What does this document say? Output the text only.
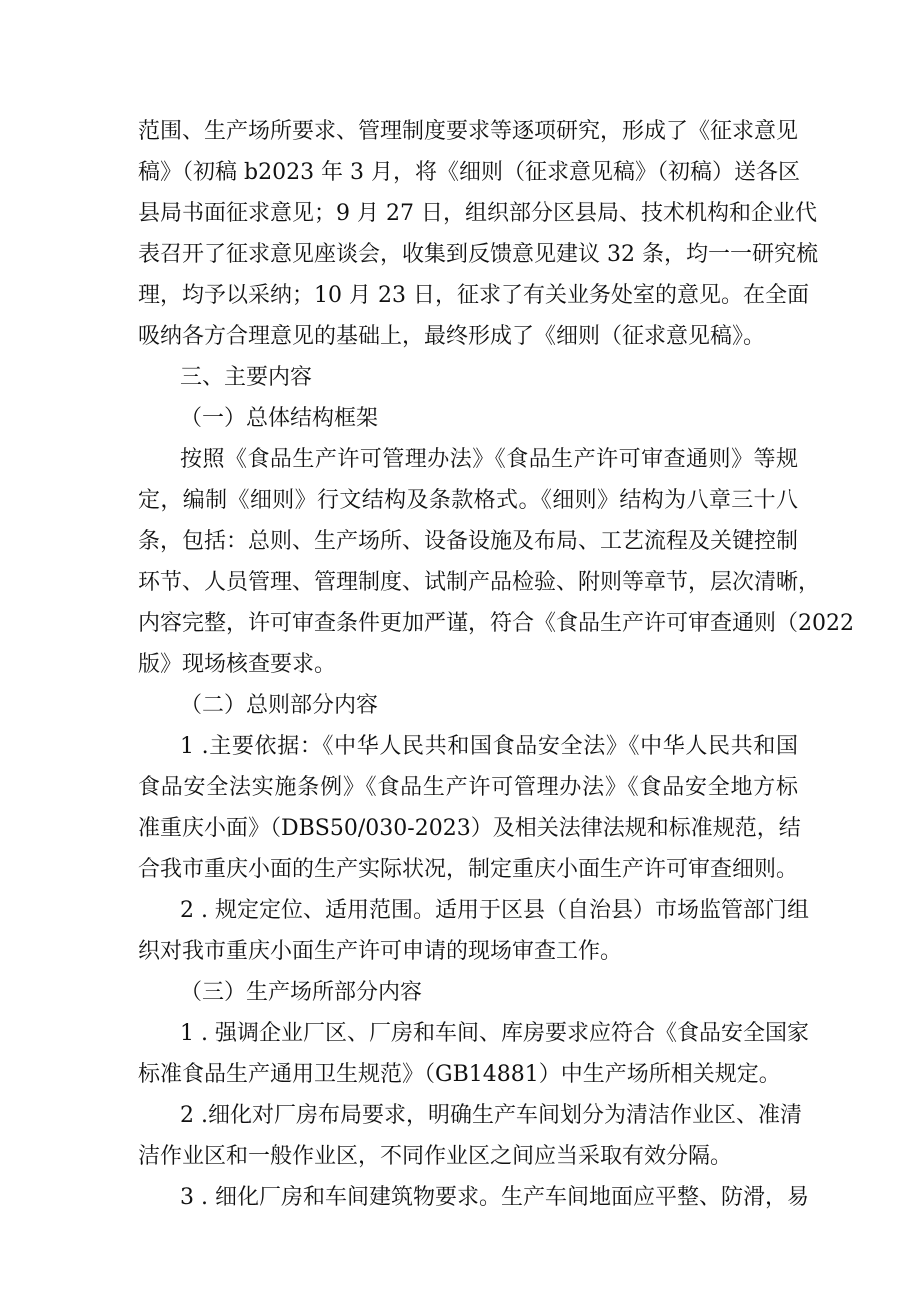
范围、生产场所要求、管理制度要求等逐项研究，形成了《征求意见
稿》（初稿 b2023 年 3 月，将《细则（征求意见稿》（初稿）送各区
县局书面征求意见；9 月 27 日，组织部分区县局、技术机构和企业代
表召开了征求意见座谈会，收集到反馈意见建议 32 条，均一一研究梳
理，均予以采纳；10 月 23 日，征求了有关业务处室的意见。在全面
吸纳各方合理意见的基础上，最终形成了《细则（征求意见稿》。
三、主要内容
（一）总体结构框架
按照《食品生产许可管理办法》《食品生产许可审查通则》等规
定，编制《细则》行文结构及条款格式。《细则》结构为八章三十八
条，包括：总则、生产场所、设备设施及布局、工艺流程及关键控制
环节、人员管理、管理制度、试制产品检验、附则等章节，层次清晰，
内容完整，许可审查条件更加严谨，符合《食品生产许可审查通则（2022
版》现场核查要求。
（二）总则部分内容
1 .主要依据：《中华人民共和国食品安全法》《中华人民共和国
食品安全法实施条例》《食品生产许可管理办法》《食品安全地方标
准重庆小面》（DBS50/030-2023）及相关法律法规和标准规范，结
合我市重庆小面的生产实际状况，制定重庆小面生产许可审查细则。
2 . 规定定位、适用范围。适用于区县（自治县）市场监管部门组
织对我市重庆小面生产许可申请的现场审查工作。
（三）生产场所部分内容
1 . 强调企业厂区、厂房和车间、库房要求应符合《食品安全国家
标准食品生产通用卫生规范》（GB14881）中生产场所相关规定。
2 .细化对厂房布局要求，明确生产车间划分为清洁作业区、准清
洁作业区和一般作业区，不同作业区之间应当采取有效分隔。
3 . 细化厂房和车间建筑物要求。生产车间地面应平整、防滑，易
